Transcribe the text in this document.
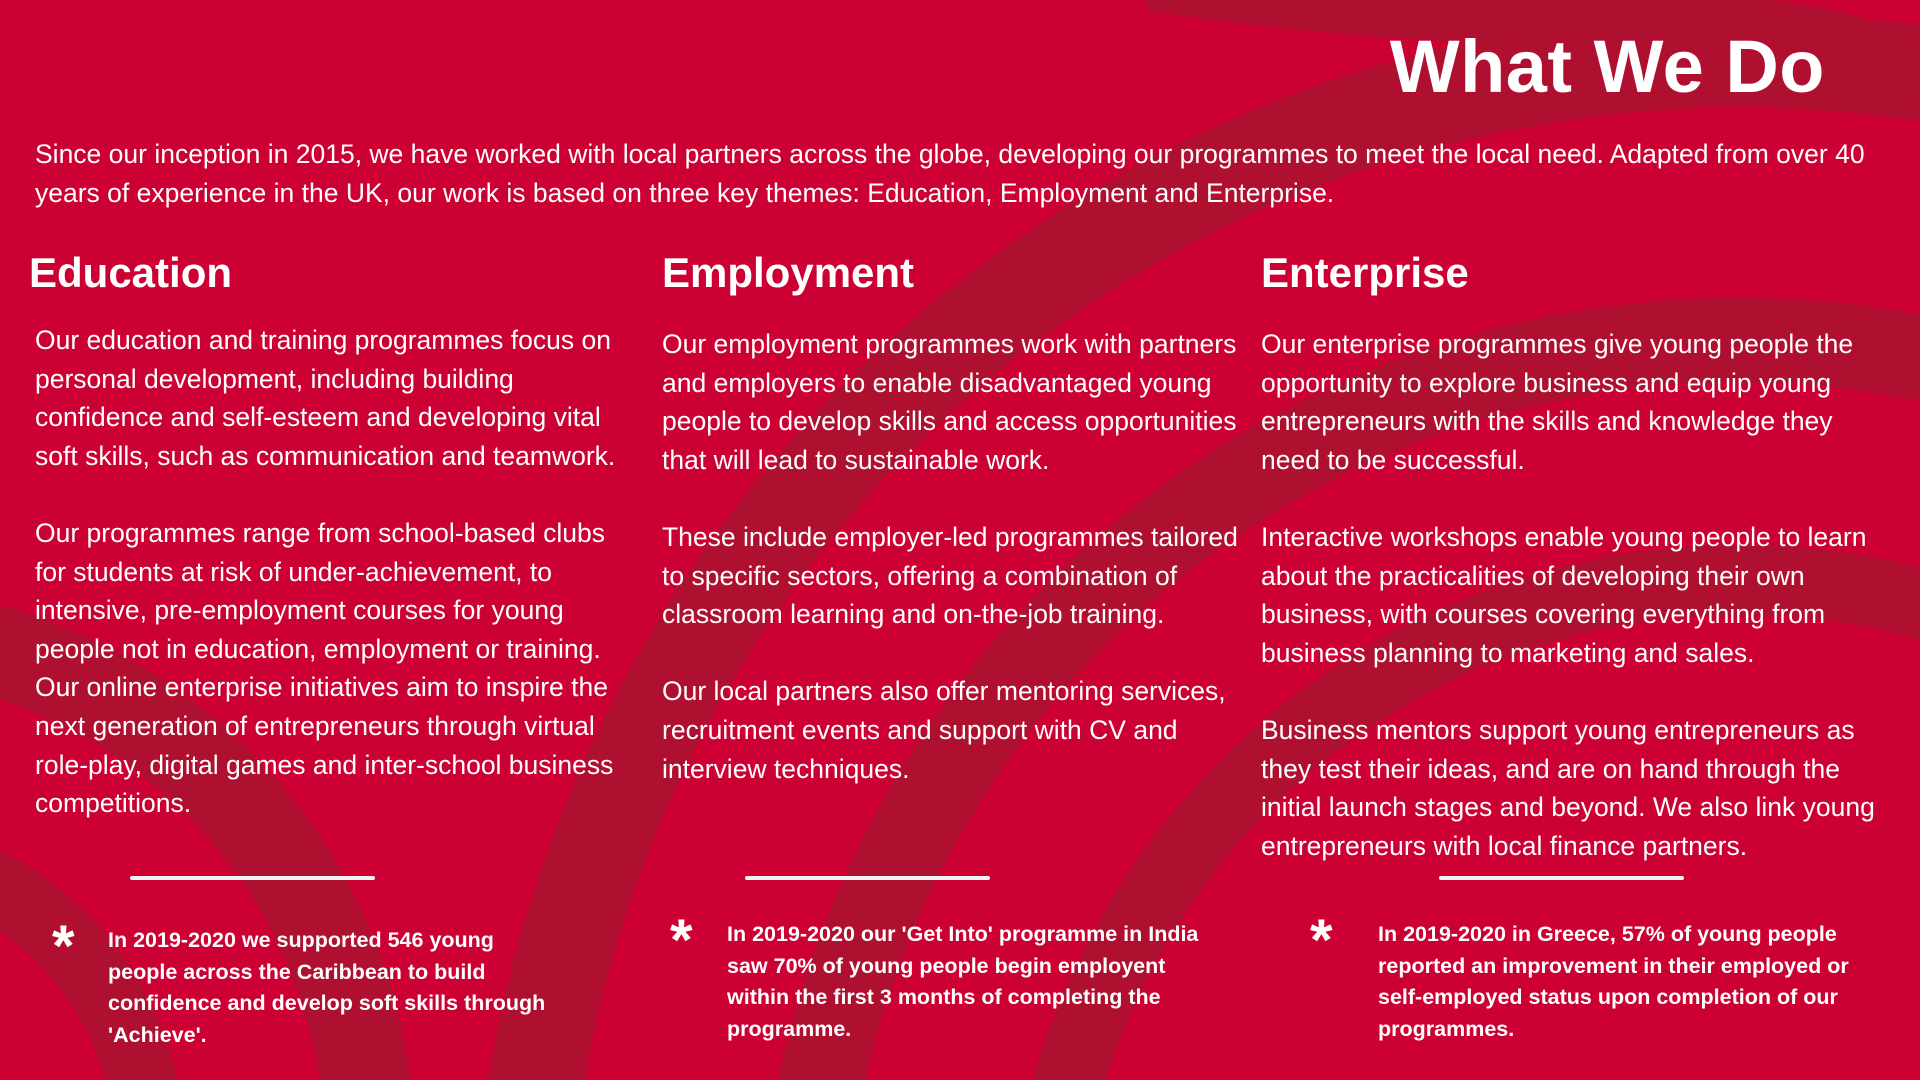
What We Do

Since our inception in 2015, we have worked with local partners across the globe, developing our programmes to meet the local need. Adapted from over 40 years of experience in the UK, our work is based on three key themes: Education, Employment and Enterprise.

Education

Our education and training programmes focus on personal development, including building confidence and self-esteem and developing vital soft skills, such as communication and teamwork.

Our programmes range from school-based clubs for students at risk of under-achievement, to intensive, pre-employment courses for young people not in education, employment or training. Our online enterprise initiatives aim to inspire the next generation of entrepreneurs through virtual role-play, digital games and inter-school business competitions.

Employment

Our employment programmes work with partners and employers to enable disadvantaged young people to develop skills and access opportunities that will lead to sustainable work.

These include employer-led programmes tailored to specific sectors, offering a combination of classroom learning and on-the-job training.

Our local partners also offer mentoring services, recruitment events and support with CV and interview techniques.

Enterprise

Our enterprise programmes give young people the opportunity to explore business and equip young entrepreneurs with the skills and knowledge they need to be successful.

Interactive workshops enable young people to learn about the practicalities of developing their own business, with courses covering everything from business planning to marketing and sales.

Business mentors support young entrepreneurs as they test their ideas, and are on hand through the initial launch stages and beyond. We also link young entrepreneurs with local finance partners.

* In 2019-2020 we supported 546 young people across the Caribbean to build confidence and develop soft skills through 'Achieve'.

* In 2019-2020 our 'Get Into' programme in India saw 70% of young people begin employent within the first 3 months of completing the programme.

* In 2019-2020 in Greece, 57% of young people reported an improvement in their employed or self-employed status upon completion of our programmes.
